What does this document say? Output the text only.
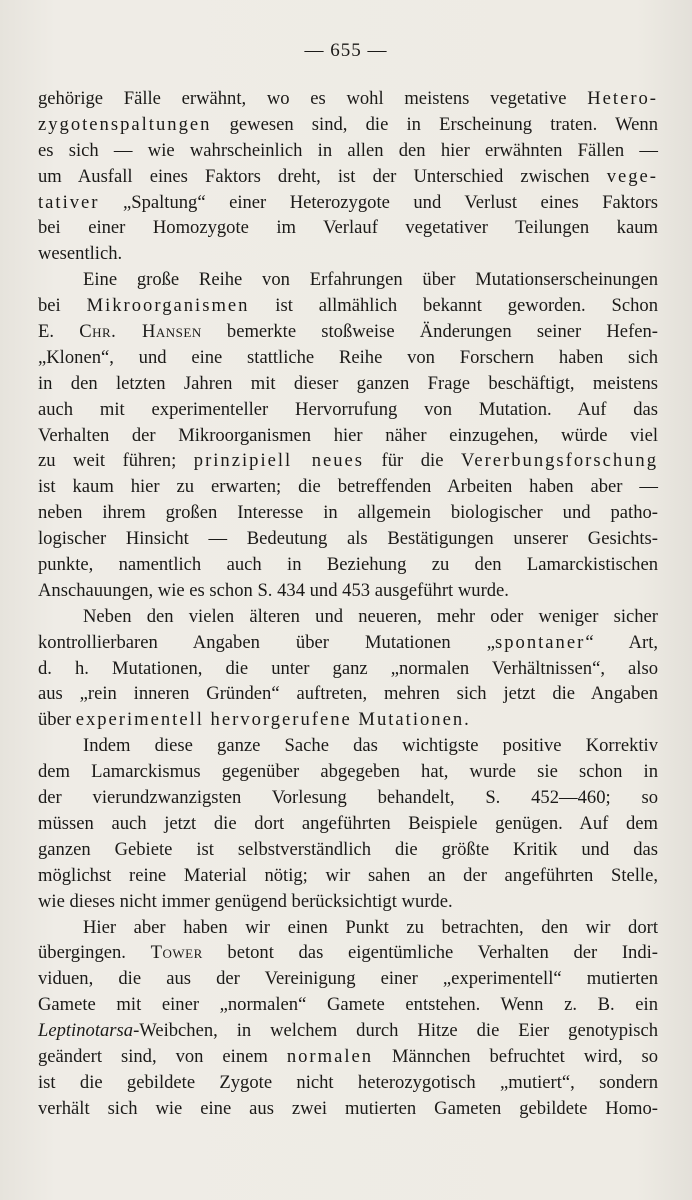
— 655 —
gehörige Fälle erwähnt, wo es wohl meistens vegetative Hetero-
zygotenspaltungen gewesen sind, die in Erscheinung traten. Wenn
es sich — wie wahrscheinlich in allen den hier erwähnten Fällen —
um Ausfall eines Faktors dreht, ist der Unterschied zwischen vege-
tativer „Spaltung“ einer Heterozygote und Verlust eines Faktors
bei einer Homozygote im Verlauf vegetativer Teilungen kaum
wesentlich.
Eine große Reihe von Erfahrungen über Mutationserscheinungen
bei Mikroorganismen ist allmählich bekannt geworden. Schon
E. Chr. Hansen bemerkte stoßweise Änderungen seiner Hefen-
„Klonen“, und eine stattliche Reihe von Forschern haben sich
in den letzten Jahren mit dieser ganzen Frage beschäftigt, meistens
auch mit experimenteller Hervorrufung von Mutation. Auf das
Verhalten der Mikroorganismen hier näher einzugehen, würde viel
zu weit führen; prinzipiell neues für die Vererbungsforschung
ist kaum hier zu erwarten; die betreffenden Arbeiten haben aber —
neben ihrem großen Interesse in allgemein biologischer und patho-
logischer Hinsicht — Bedeutung als Bestätigungen unserer Gesichts-
punkte, namentlich auch in Beziehung zu den Lamarckistischen
Anschauungen, wie es schon S. 434 und 453 ausgeführt wurde.
Neben den vielen älteren und neueren, mehr oder weniger sicher
kontrollierbaren Angaben über Mutationen „spontaner“ Art,
d. h. Mutationen, die unter ganz „normalen Verhältnissen“, also
aus „rein inneren Gründen“ auftreten, mehren sich jetzt die Angaben
über experimentell hervorgerufene Mutationen.
Indem diese ganze Sache das wichtigste positive Korrektiv
dem Lamarckismus gegenüber abgegeben hat, wurde sie schon in
der vierundzwanzigsten Vorlesung behandelt, S. 452—460; so
müssen auch jetzt die dort angeführten Beispiele genügen. Auf dem
ganzen Gebiete ist selbstverständlich die größte Kritik und das
möglichst reine Material nötig; wir sahen an der angeführten Stelle,
wie dieses nicht immer genügend berücksichtigt wurde.
Hier aber haben wir einen Punkt zu betrachten, den wir dort
übergingen. Tower betont das eigentümliche Verhalten der Indi-
viduen, die aus der Vereinigung einer „experimentell“ mutierten
Gamete mit einer „normalen“ Gamete entstehen. Wenn z. B. ein
Leptinotarsa-Weibchen, in welchem durch Hitze die Eier genotypisch
geändert sind, von einem normalen Männchen befruchtet wird, so
ist die gebildete Zygote nicht heterozygotisch „mutiert“, sondern
verhält sich wie eine aus zwei mutierten Gameten gebildete Homo-
